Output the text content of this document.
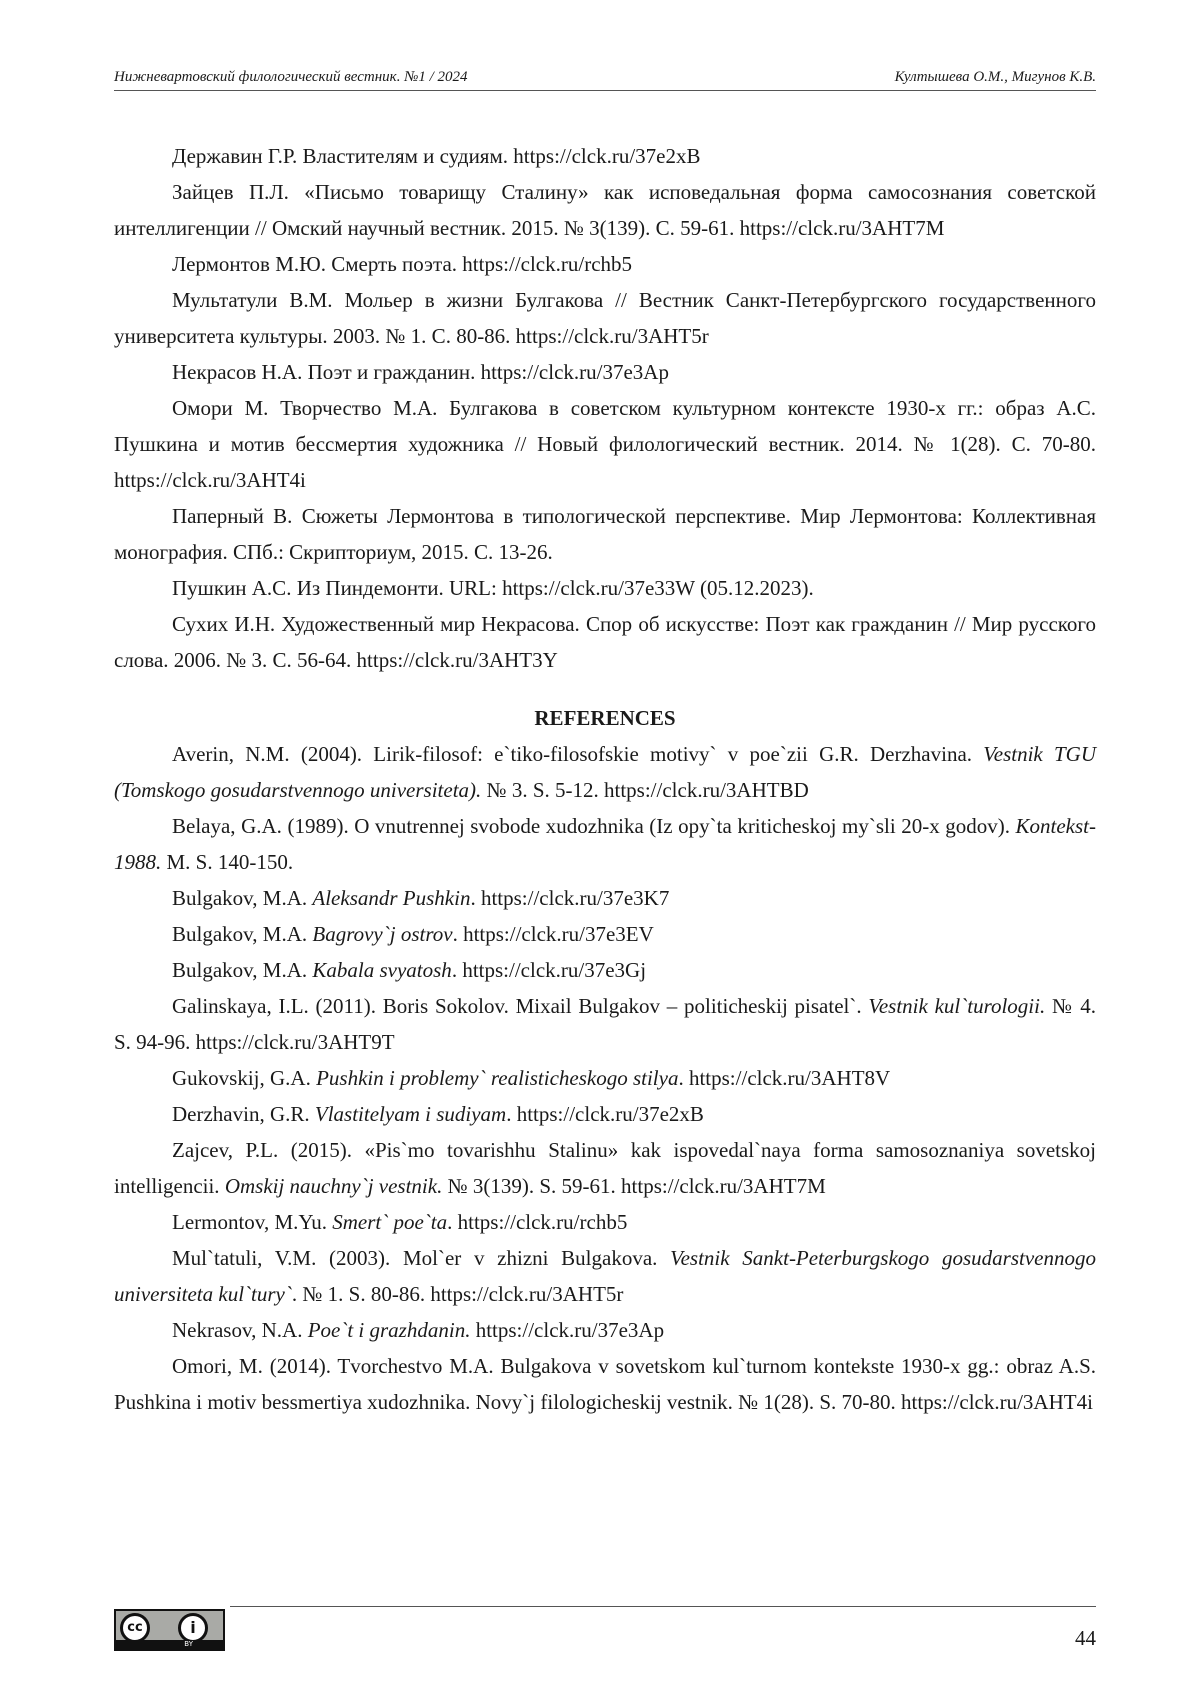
Нижневартовский филологический вестник. №1 / 2024	Култышева О.М., Мигунов К.В.

Державин Г.Р. Властителям и судиям. https://clck.ru/37e2xB

Зайцев П.Л. «Письмо товарищу Сталину» как исповедальная форма самосознания советской интеллигенции // Омский научный вестник. 2015. № 3(139). С. 59-61. https://clck.ru/3AHT7M

Лермонтов М.Ю. Смерть поэта. https://clck.ru/rchb5

Мультатули В.М. Мольер в жизни Булгакова // Вестник Санкт-Петербургского государственного университета культуры. 2003. № 1. С. 80-86. https://clck.ru/3AHT5r

Некрасов Н.А. Поэт и гражданин. https://clck.ru/37e3Ap

Омори М. Творчество М.А. Булгакова в советском культурном контексте 1930-х гг.: образ А.С. Пушкина и мотив бессмертия художника // Новый филологический вестник. 2014. № 1(28). С. 70-80. https://clck.ru/3AHT4i

Паперный В. Сюжеты Лермонтова в типологической перспективе. Мир Лермонтова: Коллективная монография. СПб.: Скрипториум, 2015. С. 13-26.

Пушкин А.С. Из Пиндемонти. URL: https://clck.ru/37e33W (05.12.2023).

Сухих И.Н. Художественный мир Некрасова. Спор об искусстве: Поэт как гражданин // Мир русского слова. 2006. № 3. С. 56-64. https://clck.ru/3AHT3Y

REFERENCES

Averin, N.M. (2004). Lirik-filosof: e`tiko-filosofskie motivy` v poe`zii G.R. Derzhavina. Vestnik TGU (Tomskogo gosudarstvennogo universiteta). № 3. S. 5-12. https://clck.ru/3AHTBD

Belaya, G.A. (1989). O vnutrennej svobode xudozhnika (Iz opy`ta kriticheskoj my`sli 20-x godov). Kontekst-1988. M. S. 140-150.

Bulgakov, M.A. Aleksandr Pushkin. https://clck.ru/37e3K7

Bulgakov, M.A. Bagrovy`j ostrov. https://clck.ru/37e3EV

Bulgakov, M.A. Kabala svyatosh. https://clck.ru/37e3Gj

Galinskaya, I.L. (2011). Boris Sokolov. Mixail Bulgakov – politicheskij pisatel`. Vestnik kul`turologii. № 4. S. 94-96. https://clck.ru/3AHT9T

Gukovskij, G.A. Pushkin i problemy` realisticheskogo stilya. https://clck.ru/3AHT8V

Derzhavin, G.R. Vlastitelyam i sudiyam. https://clck.ru/37e2xB

Zajcev, P.L. (2015). «Pis`mo tovarishhu Stalinu» kak ispovedal`naya forma samosoznaniya sovetskoj intelligencii. Omskij nauchny`j vestnik. № 3(139). S. 59-61. https://clck.ru/3AHT7M

Lermontov, M.Yu. Smert` poe`ta. https://clck.ru/rchb5

Mul`tatuli, V.M. (2003). Mol`er v zhizni Bulgakova. Vestnik Sankt-Peterburgskogo gosudarstvennogo universiteta kul`tury`. № 1. S. 80-86. https://clck.ru/3AHT5r

Nekrasov, N.A. Poe`t i grazhdanin. https://clck.ru/37e3Ap

Omori, M. (2014). Tvorchestvo M.A. Bulgakova v sovetskom kul`turnom kontekste 1930-x gg.: obraz A.S. Pushkina i motiv bessmertiya xudozhnika. Novy`j filologicheskij vestnik. № 1(28). S. 70-80. https://clck.ru/3AHT4i

cc	i
BY	44
